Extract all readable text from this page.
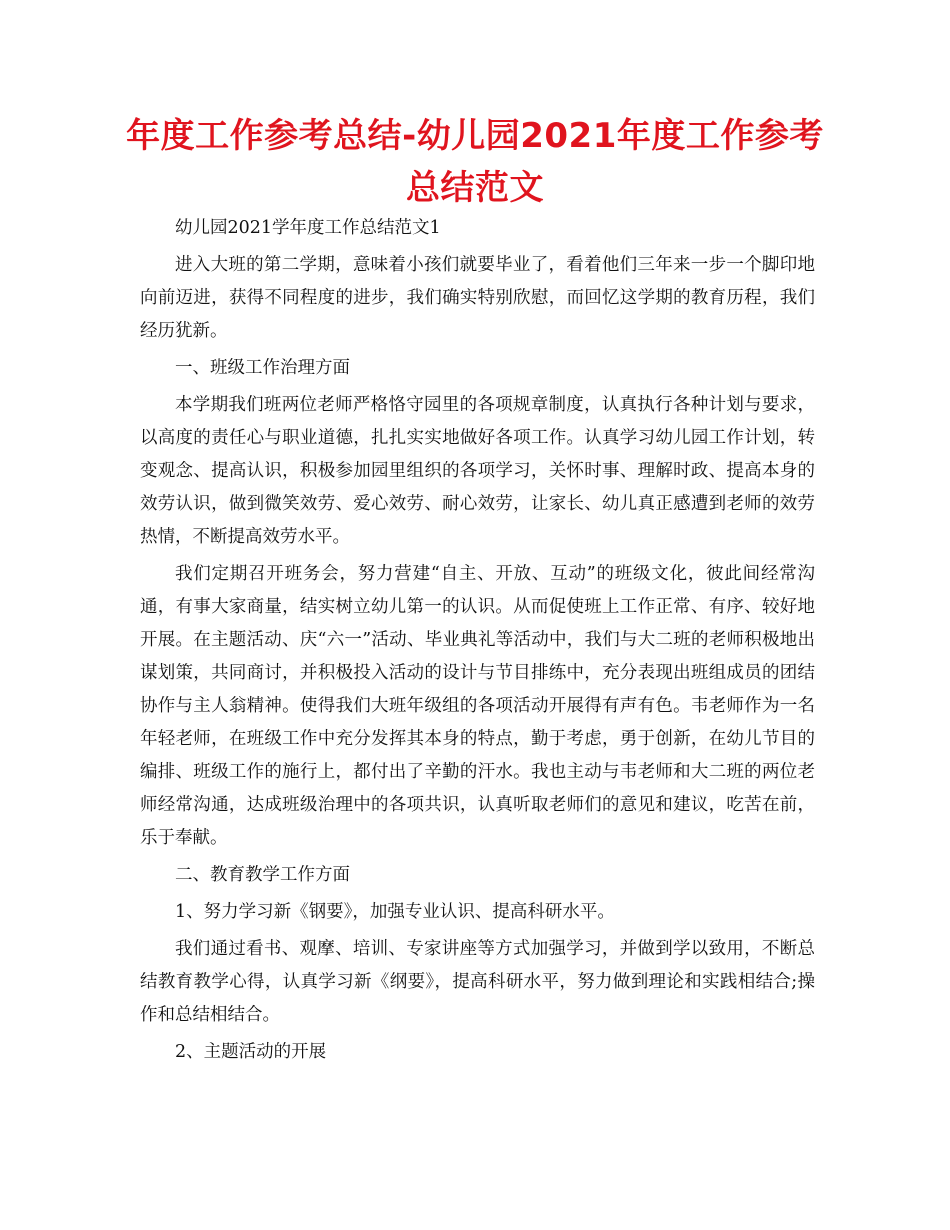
年度工作参考总结-幼儿园2021年度工作参考总结范文

幼儿园2021学年度工作总结范文1

进入大班的第二学期，意味着小孩们就要毕业了，看着他们三年来一步一个脚印地向前迈进，获得不同程度的进步，我们确实特别欣慰，而回忆这学期的教育历程，我们经历犹新。

一、班级工作治理方面

本学期我们班两位老师严格恪守园里的各项规章制度，认真执行各种计划与要求，以高度的责任心与职业道德，扎扎实实地做好各项工作。认真学习幼儿园工作计划，转变观念、提高认识，积极参加园里组织的各项学习，关怀时事、理解时政、提高本身的效劳认识，做到微笑效劳、爱心效劳、耐心效劳，让家长、幼儿真正感遭到老师的效劳热情，不断提高效劳水平。

我们定期召开班务会，努力营建“自主、开放、互动”的班级文化，彼此间经常沟通，有事大家商量，结实树立幼儿第一的认识。从而促使班上工作正常、有序、较好地开展。在主题活动、庆“六一”活动、毕业典礼等活动中，我们与大二班的老师积极地出谋划策，共同商讨，并积极投入活动的设计与节目排练中，充分表现出班组成员的团结协作与主人翁精神。使得我们大班年级组的各项活动开展得有声有色。韦老师作为一名年轻老师，在班级工作中充分发挥其本身的特点，勤于考虑，勇于创新，在幼儿节目的编排、班级工作的施行上，都付出了辛勤的汗水。我也主动与韦老师和大二班的两位老师经常沟通，达成班级治理中的各项共识，认真听取老师们的意见和建议，吃苦在前，乐于奉献。

二、教育教学工作方面

1、努力学习新《钢要》，加强专业认识、提高科研水平。

我们通过看书、观摩、培训、专家讲座等方式加强学习，并做到学以致用，不断总结教育教学心得，认真学习新《纲要》，提高科研水平，努力做到理论和实践相结合;操作和总结相结合。

2、主题活动的开展
